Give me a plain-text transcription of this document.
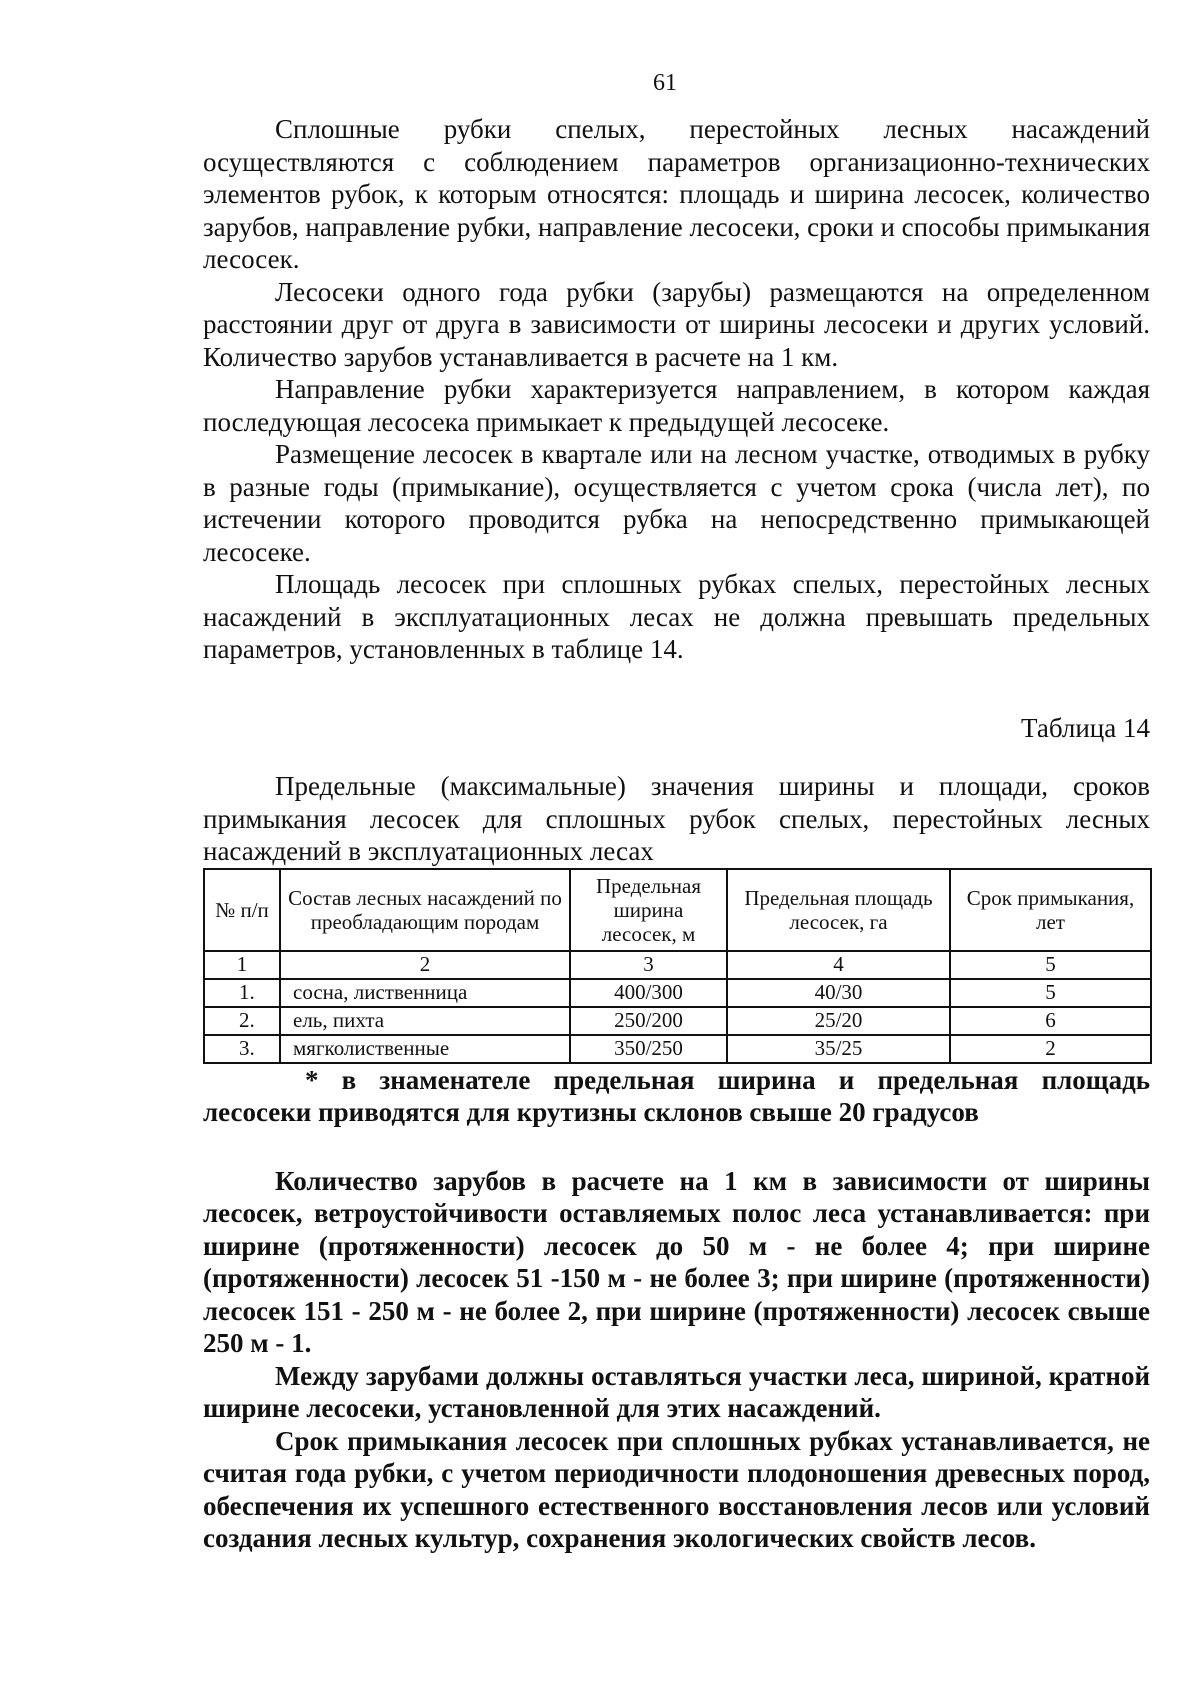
61

Сплошные рубки спелых, перестойных лесных насаждений осуществляются с соблюдением параметров организационно-технических элементов рубок, к которым относятся: площадь и ширина лесосек, количество зарубов, направление рубки, направление лесосеки, сроки и способы примыкания лесосек.

Лесосеки одного года рубки (зарубы) размещаются на определенном расстоянии друг от друга в зависимости от ширины лесосеки и других условий. Количество зарубов устанавливается в расчете на 1 км.

Направление рубки характеризуется направлением, в котором каждая последующая лесосека примыкает к предыдущей лесосеке.

Размещение лесосек в квартале или на лесном участке, отводимых в рубку в разные годы (примыкание), осуществляется с учетом срока (числа лет), по истечении которого проводится рубка на непосредственно примыкающей лесосеке.

Площадь лесосек при сплошных рубках спелых, перестойных лесных насаждений в эксплуатационных лесах не должна превышать предельных параметров, установленных в таблице 14.

Таблица 14
Предельные (максимальные) значения ширины и площади, сроков примыкания лесосек для сплошных рубок спелых, перестойных лесных насаждений в эксплуатационных лесах
№ п/п	Состав лесных насаждений по преобладающим породам	Предельная ширина лесосек, м	Предельная площадь лесосек, га	Срок примыкания, лет
1	2	3	4	5
1.	сосна, лиственница	400/300	40/30	5
2.	ель, пихта	250/200	25/20	6
3.	мягколиственные	350/250	35/25	2

* в знаменателе предельная ширина и предельная площадь лесосеки приводятся для крутизны склонов свыше 20 градусов

Количество зарубов в расчете на 1 км в зависимости от ширины лесосек, ветроустойчивости оставляемых полос леса устанавливается: при ширине (протяженности) лесосек до 50 м - не более 4; при ширине (протяженности) лесосек 51 -150 м - не более 3; при ширине (протяженности) лесосек 151 - 250 м - не более 2, при ширине (протяженности) лесосек свыше 250 м - 1.

Между зарубами должны оставляться участки леса, шириной, кратной ширине лесосеки, установленной для этих насаждений.

Срок примыкания лесосек при сплошных рубках устанавливается, не считая года рубки, с учетом периодичности плодоношения древесных пород, обеспечения их успешного естественного восстановления лесов или условий создания лесных культур, сохранения экологических свойств лесов.
